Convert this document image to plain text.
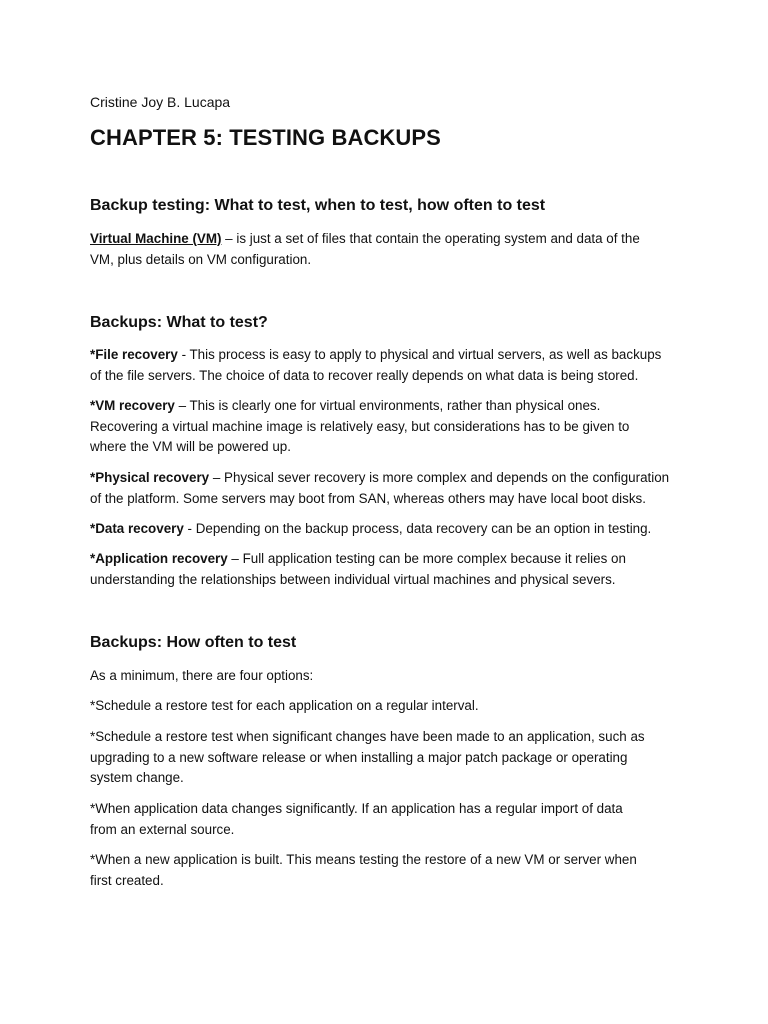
Cristine Joy B. Lucapa
CHAPTER 5: TESTING BACKUPS
Backup testing: What to test, when to test, how often to test
Virtual Machine (VM) – is just a set of files that contain the operating system and data of the
VM, plus details on VM configuration.
Backups: What to test?
*File recovery - This process is easy to apply to physical and virtual servers, as well as backups
of the file servers. The choice of data to recover really depends on what data is being stored.
*VM recovery – This is clearly one for virtual environments, rather than physical ones.
Recovering a virtual machine image is relatively easy, but considerations has to be given to
where the VM will be powered up.
*Physical recovery – Physical sever recovery is more complex and depends on the configuration
of the platform. Some servers may boot from SAN, whereas others may have local boot disks.
*Data recovery - Depending on the backup process, data recovery can be an option in testing.
*Application recovery – Full application testing can be more complex because it relies on
understanding the relationships between individual virtual machines and physical severs.
Backups: How often to test
As a minimum, there are four options:
*Schedule a restore test for each application on a regular interval.
*Schedule a restore test when significant changes have been made to an application, such as
upgrading to a new software release or when installing a major patch package or operating
system change.
*When application data changes significantly. If an application has a regular import of data
from an external source.
*When a new application is built. This means testing the restore of a new VM or server when
first created.
